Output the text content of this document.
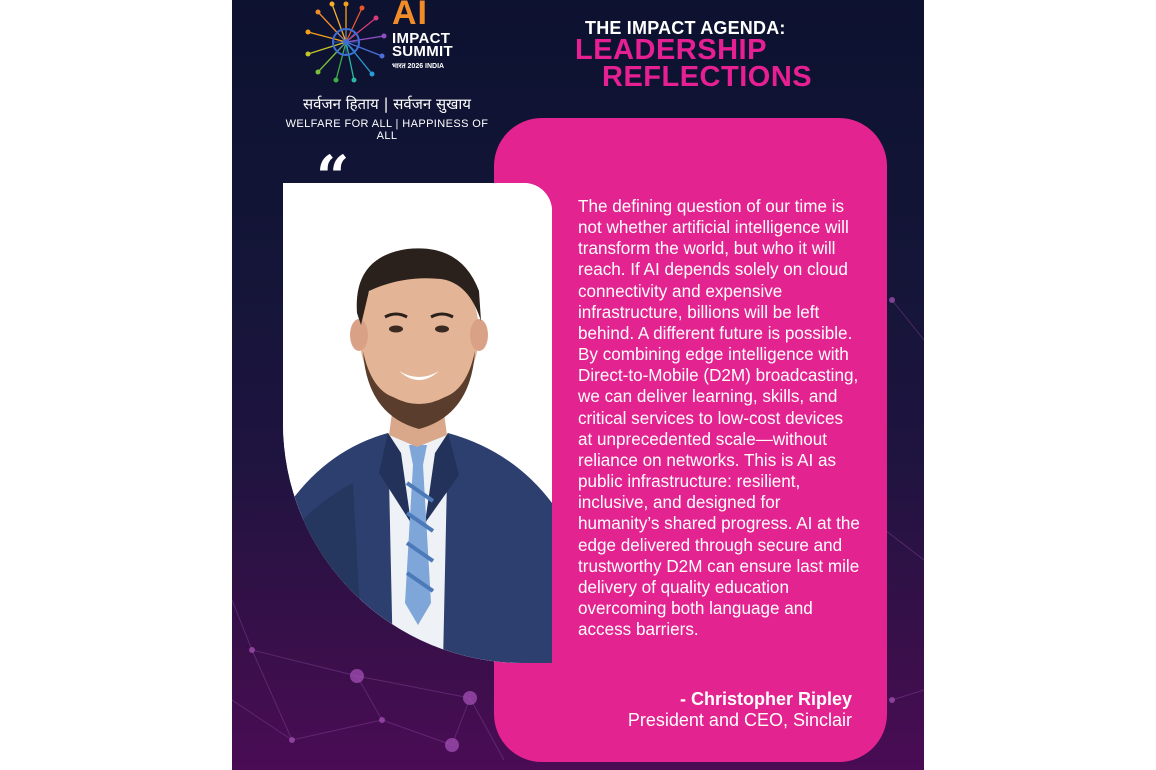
AI
IMPACT
SUMMIT
भारत 2026 INDIA
सर्वजन हिताय | सर्वजन सुखाय
WELFARE FOR ALL | HAPPINESS OF ALL
THE IMPACT AGENDA:
LEADERSHIP
REFLECTIONS
“	The defining question of our time is not whether artificial intelligence will transform the world, but who it will reach. If AI depends solely on cloud connectivity and expensive infrastructure, billions will be left behind. A different future is possible. By combining edge intelligence with Direct-to-Mobile (D2M) broadcasting, we can deliver learning, skills, and critical services to low-cost devices at unprecedented scale—without reliance on networks. This is AI as public infrastructure: resilient, inclusive, and designed for humanity’s shared progress. AI at the edge delivered through secure and trustworthy D2M can ensure last mile delivery of quality education overcoming both language and access barriers.
- Christopher Ripley
President and CEO, Sinclair
